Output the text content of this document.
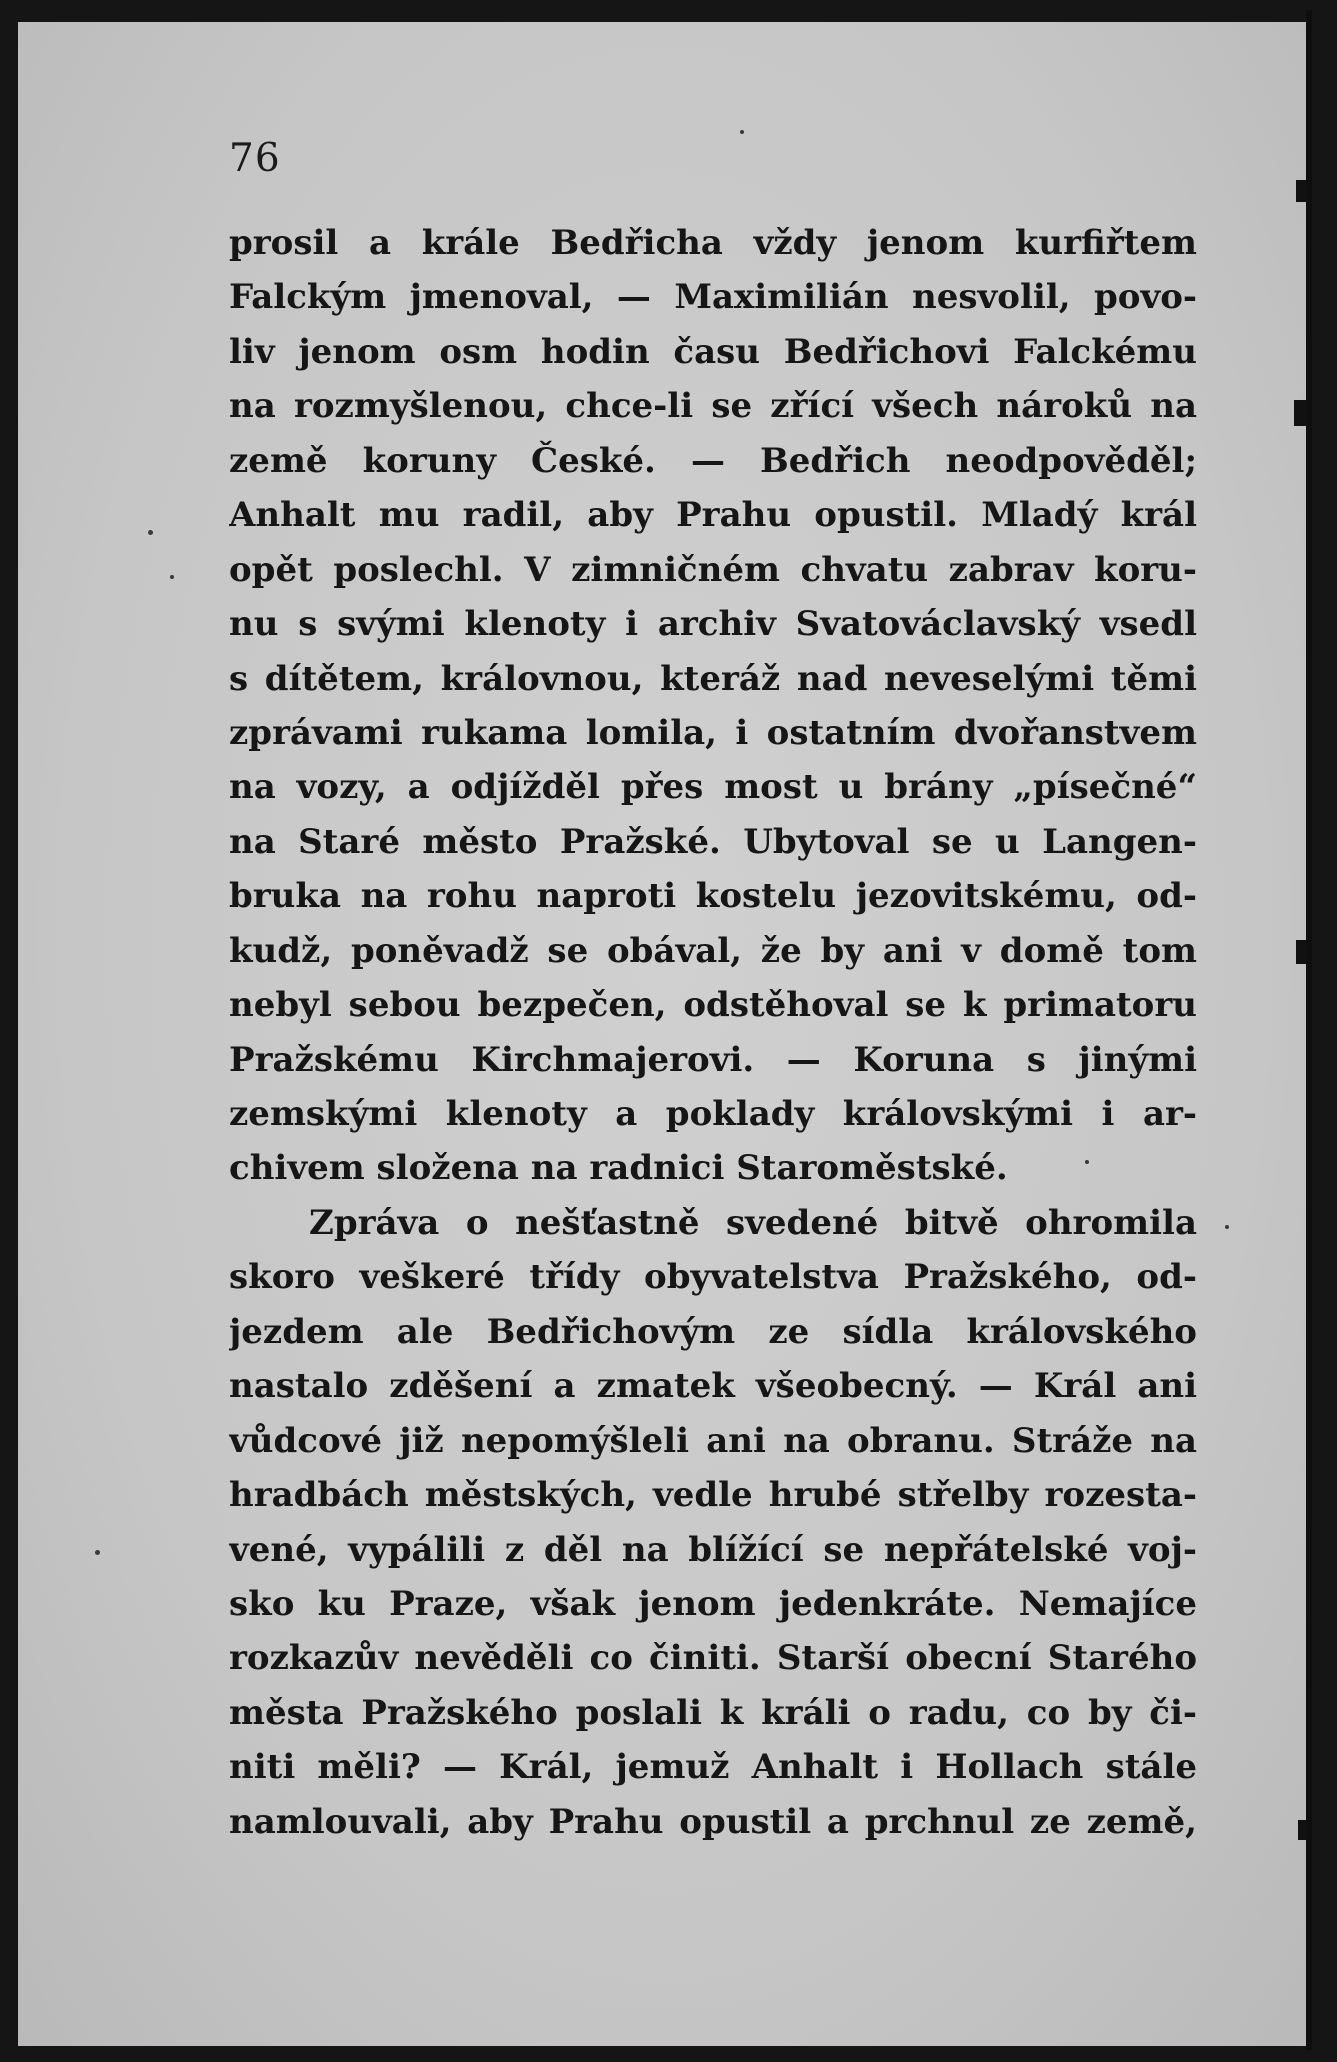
76
prosil a krále Bedřicha vždy jenom kurfiřtem
Falckým jmenoval, — Maximilián nesvolil, povo-
liv jenom osm hodin času Bedřichovi Falckému
na rozmyšlenou, chce-li se zřící všech nároků na
země koruny České. — Bedřich neodpověděl;
Anhalt mu radil, aby Prahu opustil. Mladý král
opět poslechl. V zimničném chvatu zabrav koru-
nu s svými klenoty i archiv Svatováclavský vsedl
s dítětem, královnou, kteráž nad neveselými těmi
zprávami rukama lomila, i ostatním dvořanstvem
na vozy, a odjížděl přes most u brány „písečné“
na Staré město Pražské. Ubytoval se u Langen-
bruka na rohu naproti kostelu jezovitskému, od-
kudž, poněvadž se obával, že by ani v domě tom
nebyl sebou bezpečen, odstěhoval se k primatoru
Pražskému Kirchmajerovi. — Koruna s jinými
zemskými klenoty a poklady královskými i ar-
chivem složena na radnici Staroměstské.
Zpráva o nešťastně svedené bitvě ohromila
skoro veškeré třídy obyvatelstva Pražského, od-
jezdem ale Bedřichovým ze sídla královského
nastalo zděšení a zmatek všeobecný. — Král ani
vůdcové již nepomýšleli ani na obranu. Stráže na
hradbách městských, vedle hrubé střelby rozesta-
vené, vypálili z děl na blížící se nepřátelské voj-
sko ku Praze, však jenom jedenkráte. Nemajíce
rozkazův nevěděli co činiti. Starší obecní Starého
města Pražského poslali k králi o radu, co by či-
niti měli? — Král, jemuž Anhalt i Hollach stále
namlouvali, aby Prahu opustil a prchnul ze země,
